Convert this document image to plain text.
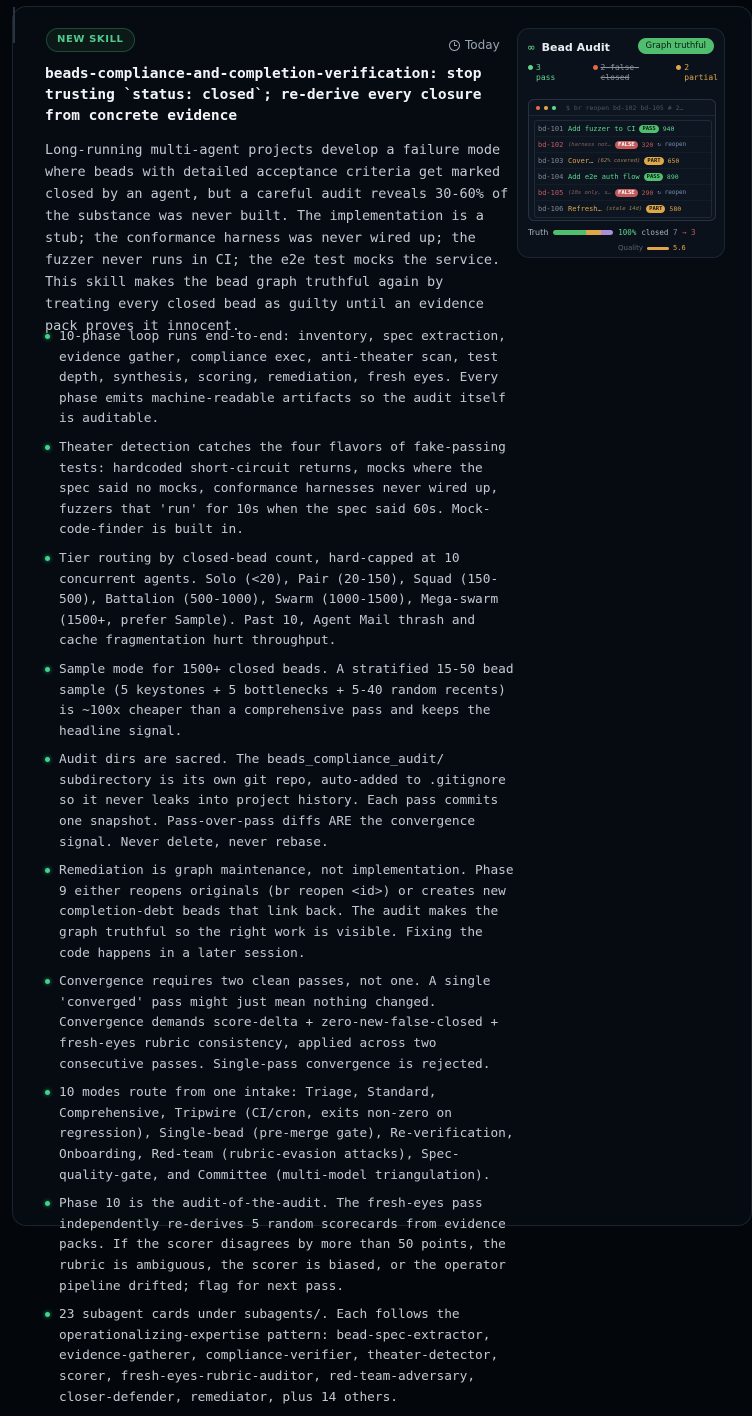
NEW SKILL	Today
beads-compliance-and-completion-verification: stop trusting `status: closed`; re-derive every closure from concrete evidence
Long-running multi-agent projects develop a failure mode where beads with detailed acceptance criteria get marked closed by an agent, but a careful audit reveals 30-60% of the substance was never built. The implementation is a stub; the conformance harness was never wired up; the fuzzer never runs in CI; the e2e test mocks the service. This skill makes the bead graph truthful again by treating every closed bead as guilty until an evidence pack proves it innocent.
10-phase loop runs end-to-end: inventory, spec extraction, evidence gather, compliance exec, anti-theater scan, test depth, synthesis, scoring, remediation, fresh eyes. Every phase emits machine-readable artifacts so the audit itself is auditable.
Theater detection catches the four flavors of fake-passing tests: hardcoded short-circuit returns, mocks where the spec said no mocks, conformance harnesses never wired up, fuzzers that 'run' for 10s when the spec said 60s. Mock-code-finder is built in.
Tier routing by closed-bead count, hard-capped at 10 concurrent agents. Solo (<20), Pair (20-150), Squad (150-500), Battalion (500-1000), Swarm (1000-1500), Mega-swarm (1500+, prefer Sample). Past 10, Agent Mail thrash and cache fragmentation hurt throughput.
Sample mode for 1500+ closed beads. A stratified 15-50 bead sample (5 keystones + 5 bottlenecks + 5-40 random recents) is ~100x cheaper than a comprehensive pass and keeps the headline signal.
Audit dirs are sacred. The beads_compliance_audit/ subdirectory is its own git repo, auto-added to .gitignore so it never leaks into project history. Each pass commits one snapshot. Pass-over-pass diffs ARE the convergence signal. Never delete, never rebase.
Remediation is graph maintenance, not implementation. Phase 9 either reopens originals (br reopen <id>) or creates new completion-debt beads that link back. The audit makes the graph truthful so the right work is visible. Fixing the code happens in a later session.
Convergence requires two clean passes, not one. A single 'converged' pass might just mean nothing changed. Convergence demands score-delta + zero-new-false-closed + fresh-eyes rubric consistency, applied across two consecutive passes. Single-pass convergence is rejected.
10 modes route from one intake: Triage, Standard, Comprehensive, Tripwire (CI/cron, exits non-zero on regression), Single-bead (pre-merge gate), Re-verification, Onboarding, Red-team (rubric-evasion attacks), Spec-quality-gate, and Committee (multi-model triangulation).
Phase 10 is the audit-of-the-audit. The fresh-eyes pass independently re-derives 5 random scorecards from evidence packs. If the scorer disagrees by more than 50 points, the rubric is ambiguous, the scorer is biased, or the operator pipeline drifted; flag for next pass.
23 subagent cards under subagents/. Each follows the operationalizing-expertise pattern: bead-spec-extractor, evidence-gatherer, compliance-verifier, theater-detector, scorer, fresh-eyes-rubric-auditor, red-team-adversary, closer-defender, remediator, plus 14 others.
∞ Bead Audit	Graph truthful
3
pass
2 false-
closed
2
partial
$ br reopen bd-102 bd-105 # 2…
bd-101 Add fuzzer to CI	PASS	940
bd-102 (harness not…	FALSE	320 ↻ reopen
bd-103 Cover… (62% covered)	PART	650
bd-104 Add e2e auth flow	PASS	890
bd-105 (10s only, s…	FALSE	290 ↻ reopen
bd-106 Refresh… (stale 14d)	PART	580
Truth	100% closed 7 → 3
Quality	5.6
